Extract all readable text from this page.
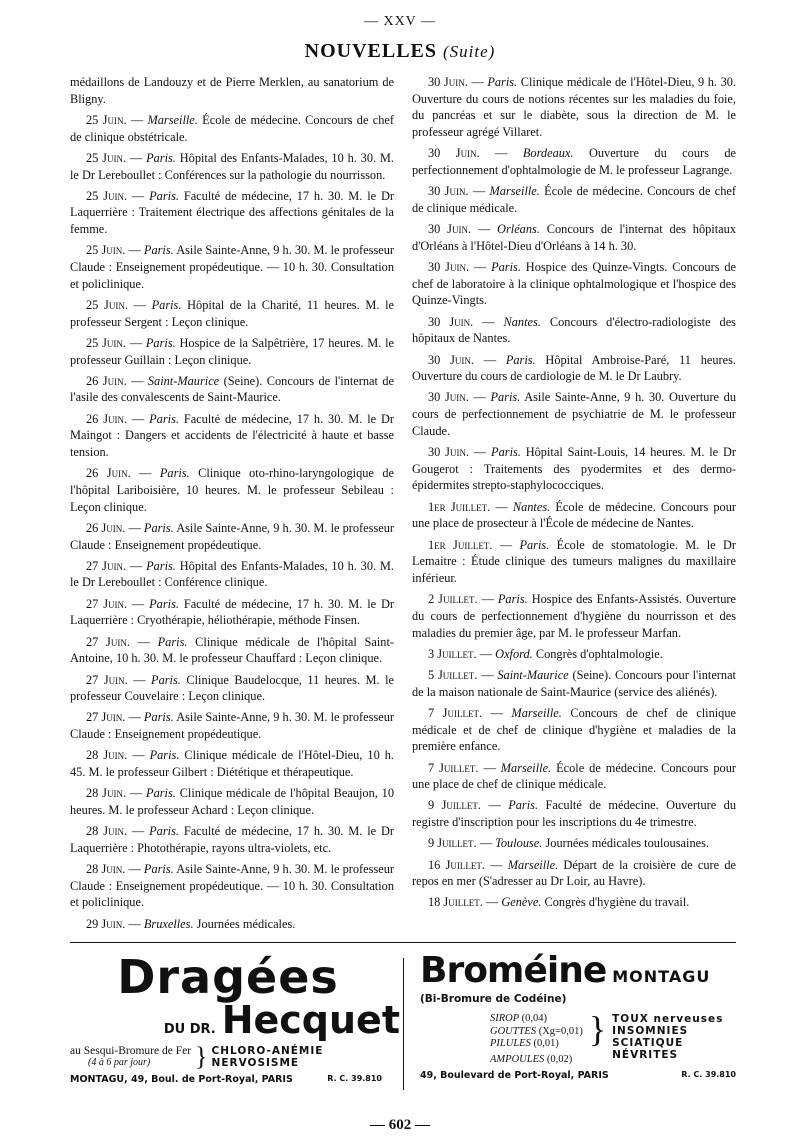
— XXV —
NOUVELLES (Suite)

médaillons de Landouzy et de Pierre Merklen, au sanatorium de Bligny.

25 Juin. — Marseille. École de médecine. Concours de chef de clinique obstétricale.

25 Juin. — Paris. Hôpital des Enfants-Malades, 10 h. 30. M. le Dr Lereboullet : Conférences sur la pathologie du nourrisson.

25 Juin. — Paris. Faculté de médecine, 17 h. 30. M. le Dr Laquerrière : Traitement électrique des affections génitales de la femme.

25 Juin. — Paris. Asile Sainte-Anne, 9 h. 30. M. le professeur Claude : Enseignement propédeutique. — 10 h. 30. Consultation et policlinique.

25 Juin. — Paris. Hôpital de la Charité, 11 heures. M. le professeur Sergent : Leçon clinique.

25 Juin. — Paris. Hospice de la Salpêtrière, 17 heures. M. le professeur Guillain : Leçon clinique.

26 Juin. — Saint-Maurice (Seine). Concours de l'internat de l'asile des convalescents de Saint-Maurice.

26 Juin. — Paris. Faculté de médecine, 17 h. 30. M. le Dr Maingot : Dangers et accidents de l'électricité à haute et basse tension.

26 Juin. — Paris. Clinique oto-rhino-laryngologique de l'hôpital Lariboisière, 10 heures. M. le professeur Sebileau : Leçon clinique.

26 Juin. — Paris. Asile Sainte-Anne, 9 h. 30. M. le professeur Claude : Enseignement propédeutique.

27 Juin. — Paris. Hôpital des Enfants-Malades, 10 h. 30. M. le Dr Lereboullet : Conférence clinique.

27 Juin. — Paris. Faculté de médecine, 17 h. 30. M. le Dr Laquerrière : Cryothérapie, héliothérapie, méthode Finsen.

27 Juin. — Paris. Clinique médicale de l'hôpital Saint-Antoine, 10 h. 30. M. le professeur Chauffard : Leçon clinique.

27 Juin. — Paris. Clinique Baudelocque, 11 heures. M. le professeur Couvelaire : Leçon clinique.

27 Juin. — Paris. Asile Sainte-Anne, 9 h. 30. M. le professeur Claude : Enseignement propédeutique.

28 Juin. — Paris. Clinique médicale de l'Hôtel-Dieu, 10 h. 45. M. le professeur Gilbert : Diététique et thérapeutique.

28 Juin. — Paris. Clinique médicale de l'hôpital Beaujon, 10 heures. M. le professeur Achard : Leçon clinique.

28 Juin. — Paris. Faculté de médecine, 17 h. 30. M. le Dr Laquerrière : Photothérapie, rayons ultra-violets, etc.

28 Juin. — Paris. Asile Sainte-Anne, 9 h. 30. M. le professeur Claude : Enseignement propédeutique. — 10 h. 30. Consultation et policlinique.

29 Juin. — Bruxelles. Journées médicales.

30 Juin. — Paris. Clinique médicale de l'Hôtel-Dieu, 9 h. 30. Ouverture du cours de notions récentes sur les maladies du foie, du pancréas et sur le diabète, sous la direction de M. le professeur agrégé Villaret.

30 Juin. — Bordeaux. Ouverture du cours de perfectionnement d'ophtalmologie de M. le professeur Lagrange.

30 Juin. — Marseille. École de médecine. Concours de chef de clinique médicale.

30 Juin. — Orléans. Concours de l'internat des hôpitaux d'Orléans à l'Hôtel-Dieu d'Orléans à 14 h. 30.

30 Juin. — Paris. Hospice des Quinze-Vingts. Concours de chef de laboratoire à la clinique ophtalmologique et l'hospice des Quinze-Vingts.

30 Juin. — Nantes. Concours d'électro-radiologiste des hôpitaux de Nantes.

30 Juin. — Paris. Hôpital Ambroise-Paré, 11 heures. Ouverture du cours de cardiologie de M. le Dr Laubry.

30 Juin. — Paris. Asile Sainte-Anne, 9 h. 30. Ouverture du cours de perfectionnement de psychiatrie de M. le professeur Claude.

30 Juin. — Paris. Hôpital Saint-Louis, 14 heures. M. le Dr Gougerot : Traitements des pyodermites et des dermo-épidermites strepto-staphylococciques.

1er Juillet. — Nantes. École de médecine. Concours pour une place de prosecteur à l'École de médecine de Nantes.

1er Juillet. — Paris. École de stomatologie. M. le Dr Lemaitre : Étude clinique des tumeurs malignes du maxillaire inférieur.

2 Juillet. — Paris. Hospice des Enfants-Assistés. Ouverture du cours de perfectionnement d'hygiène du nourrisson et des maladies du premier âge, par M. le professeur Marfan.

3 Juillet. — Oxford. Congrès d'ophtalmologie.

5 Juillet. — Saint-Maurice (Seine). Concours pour l'internat de la maison nationale de Saint-Maurice (service des aliénés).

7 Juillet. — Marseille. Concours de chef de clinique médicale et de chef de clinique d'hygiène et maladies de la première enfance.

7 Juillet. — Marseille. École de médecine. Concours pour une place de chef de clinique médicale.

9 Juillet. — Paris. Faculté de médecine. Ouverture du registre d'inscription pour les inscriptions du 4e trimestre.

9 Juillet. — Toulouse. Journées médicales toulousaines.

16 Juillet. — Marseille. Départ de la croisière de cure de repos en mer (S'adresser au Dr Loir, au Havre).

18 Juillet. — Genève. Congrès d'hygiène du travail.

Dragées
DU DR. Hecquet
au Sesqui-Bromure de Fer
(4 à 6 par jour)	} CHLORO-ANÉMIE
NERVOSISME
MONTAGU, 49, Boul. de Port-Royal, PARIS	R. C. 39.810
Broméine MONTAGU
(Bi-Bromure de Codéine)
SIROP (0,04)
GOUTTES (Xg=0,01)
PILULES (0,01)
AMPOULES (0,02)
} TOUX nerveuses
INSOMNIES
SCIATIQUE
NÉVRITES
49, Boulevard de Port-Royal, PARIS	R. C. 39.810
— 602 —
